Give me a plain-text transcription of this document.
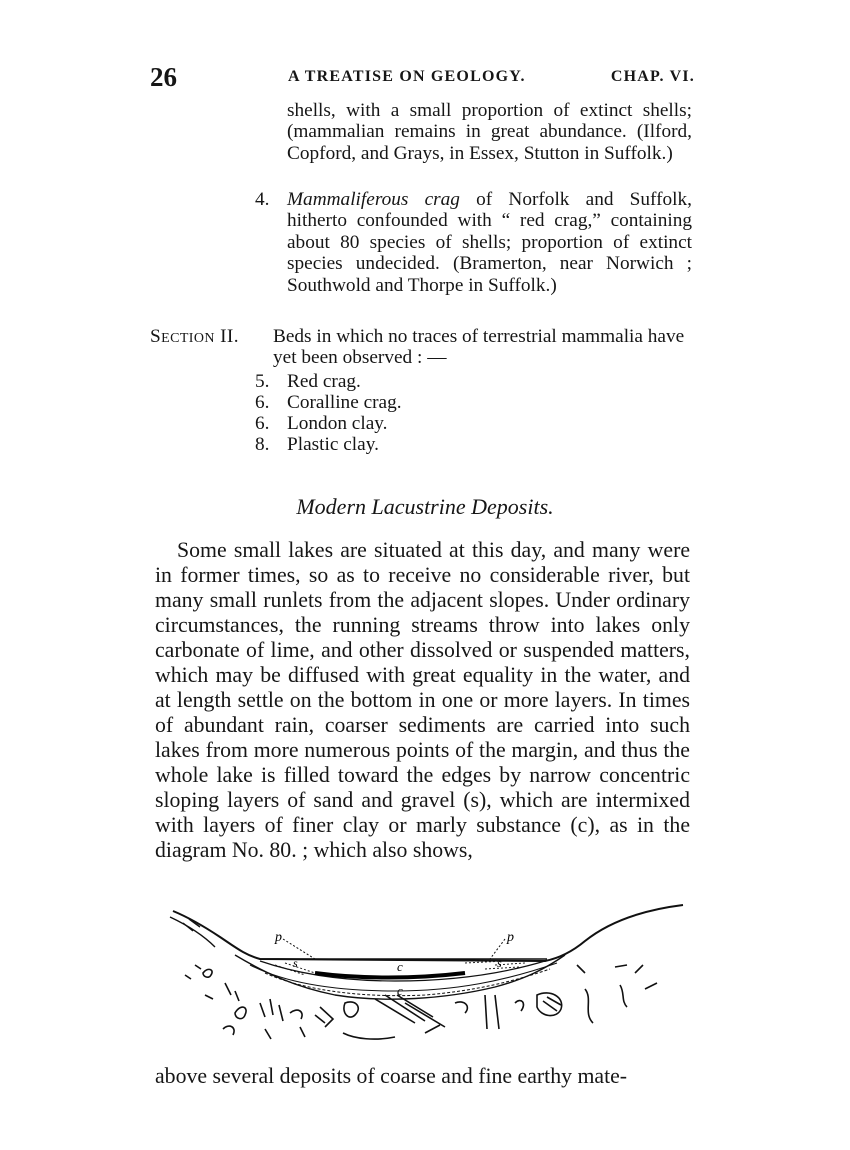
26	A TREATISE ON GEOLOGY.	CHAP. VI.
shells, with a small proportion of extinct shells; (mammalian remains in great abundance. (Ilford, Copford, and Grays, in Essex, Stutton in Suffolk.)
4. Mammaliferous crag of Norfolk and Suffolk, hitherto confounded with “ red crag,” containing about 80 species of shells; proportion of extinct species undecided. (Bramerton, near Norwich ; Southwold and Thorpe in Suffolk.)
Section II. Beds in which no traces of terrestrial mammalia have yet been observed : —
5. Red crag.
6. Coralline crag.
6. London clay.
8. Plastic clay.
Modern Lacustrine Deposits.

Some small lakes are situated at this day, and many were in former times, so as to receive no considerable river, but many small runlets from the adjacent slopes. Under ordinary circumstances, the running streams throw into lakes only carbonate of lime, and other dissolved or suspended matters, which may be diffused with great equality in the water, and at length settle on the bottom in one or more layers. In times of abundant rain, coarser sediments are carried into such lakes from more numerous points of the margin, and thus the whole lake is filled toward the edges by narrow concentric sloping layers of sand and gravel (s), which are intermixed with layers of finer clay or marly substance (c), as in the diagram No. 80. ; which also shows,

p	p
s	s
c
c
above several deposits of coarse and fine earthy mate-
